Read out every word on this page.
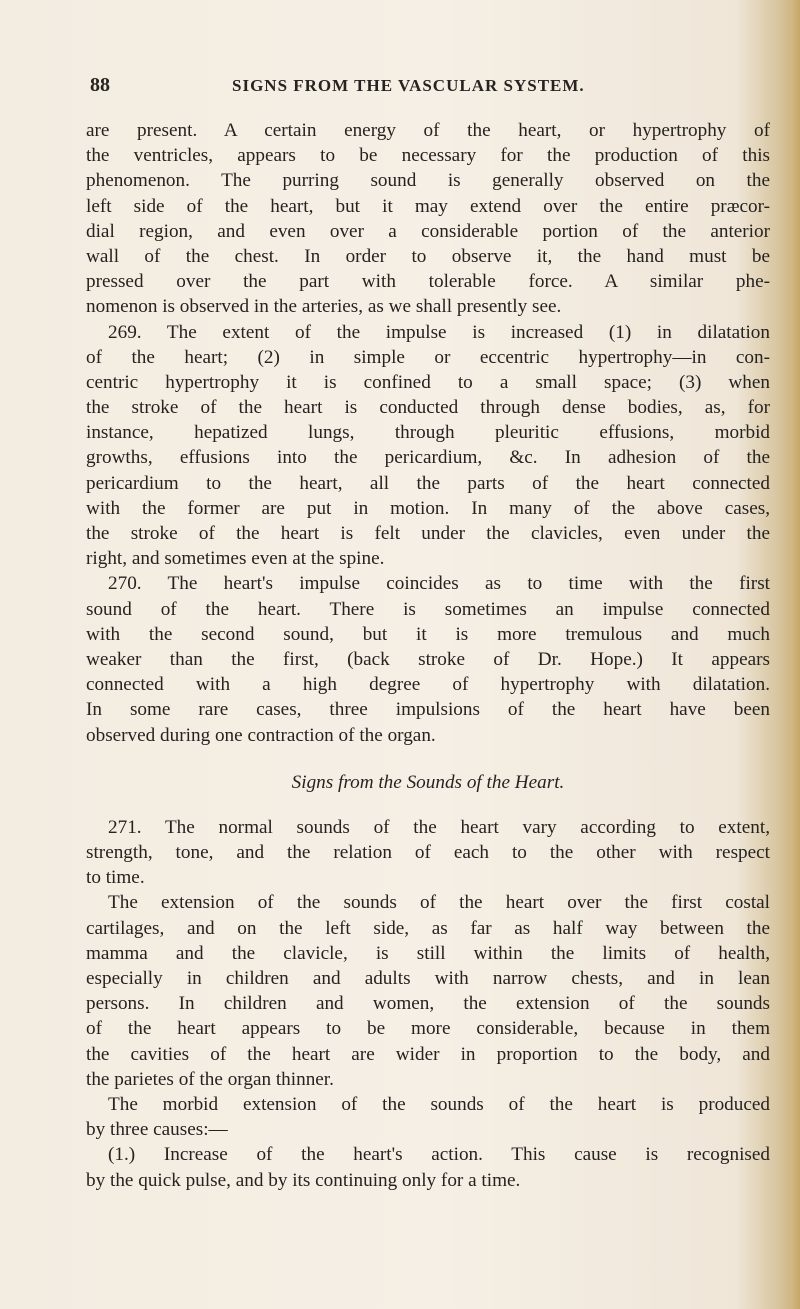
88	SIGNS FROM THE VASCULAR SYSTEM.
are present. A certain energy of the heart, or hypertrophy of
the ventricles, appears to be necessary for the production of this
phenomenon. The purring sound is generally observed on the
left side of the heart, but it may extend over the entire præcor-
dial region, and even over a considerable portion of the anterior
wall of the chest. In order to observe it, the hand must be
pressed over the part with tolerable force. A similar phe-
nomenon is observed in the arteries, as we shall presently see.
269. The extent of the impulse is increased (1) in dilatation
of the heart; (2) in simple or eccentric hypertrophy—in con-
centric hypertrophy it is confined to a small space; (3) when
the stroke of the heart is conducted through dense bodies, as, for
instance, hepatized lungs, through pleuritic effusions, morbid
growths, effusions into the pericardium, &c. In adhesion of the
pericardium to the heart, all the parts of the heart connected
with the former are put in motion. In many of the above cases,
the stroke of the heart is felt under the clavicles, even under the
right, and sometimes even at the spine.
270. The heart's impulse coincides as to time with the first
sound of the heart. There is sometimes an impulse connected
with the second sound, but it is more tremulous and much
weaker than the first, (back stroke of Dr. Hope.) It appears
connected with a high degree of hypertrophy with dilatation.
In some rare cases, three impulsions of the heart have been
observed during one contraction of the organ.
Signs from the Sounds of the Heart.
271. The normal sounds of the heart vary according to extent,
strength, tone, and the relation of each to the other with respect
to time.
The extension of the sounds of the heart over the first costal
cartilages, and on the left side, as far as half way between the
mamma and the clavicle, is still within the limits of health,
especially in children and adults with narrow chests, and in lean
persons. In children and women, the extension of the sounds
of the heart appears to be more considerable, because in them
the cavities of the heart are wider in proportion to the body, and
the parietes of the organ thinner.
The morbid extension of the sounds of the heart is produced
by three causes:—
(1.) Increase of the heart's action. This cause is recognised
by the quick pulse, and by its continuing only for a time.
